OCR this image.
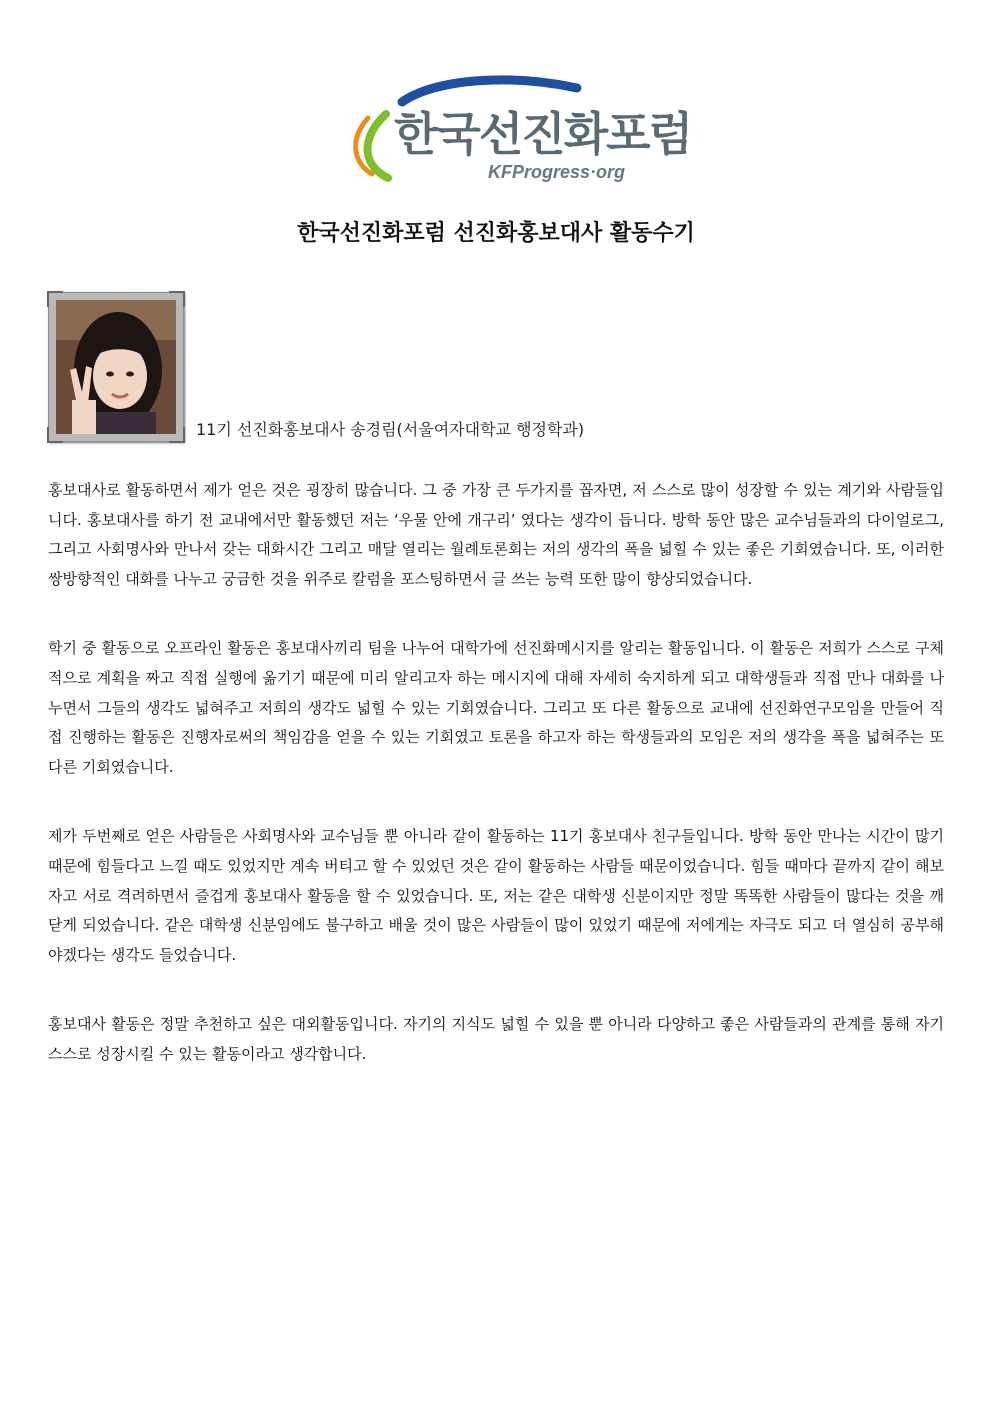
한국선진화포럼
KFProgress·org
한국선진화포럼 선진화홍보대사 활동수기
11기 선진화홍보대사 송경림(서울여자대학교 행정학과)

홍보대사로 활동하면서 제가 얻은 것은 굉장히 많습니다. 그 중 가장 큰 두가지를 꼽자면, 저 스스로 많이 성장할 수 있는 계기와 사람들입니다. 홍보대사를 하기 전 교내에서만 활동했던 저는 ‘우물 안에 개구리’ 였다는 생각이 듭니다. 방학 동안 많은 교수님들과의 다이얼로그, 그리고 사회명사와 만나서 갖는 대화시간 그리고 매달 열리는 월례토론회는 저의 생각의 폭을 넓힐 수 있는 좋은 기회였습니다. 또, 이러한 쌍방향적인 대화를 나누고 궁금한 것을 위주로 칼럼을 포스팅하면서 글 쓰는 능력 또한 많이 향상되었습니다.

학기 중 활동으로 오프라인 활동은 홍보대사끼리 팀을 나누어 대학가에 선진화메시지를 알리는 활동입니다. 이 활동은 저희가 스스로 구체적으로 계획을 짜고 직접 실행에 옮기기 때문에 미리 알리고자 하는 메시지에 대해 자세히 숙지하게 되고 대학생들과 직접 만나 대화를 나누면서 그들의 생각도 넓혀주고 저희의 생각도 넓힐 수 있는 기회였습니다. 그리고 또 다른 활동으로 교내에 선진화연구모임을 만들어 직접 진행하는 활동은 진행자로써의 책임감을 얻을 수 있는 기회였고 토론을 하고자 하는 학생들과의 모임은 저의 생각을 폭을 넓혀주는 또 다른 기회였습니다.

제가 두번째로 얻은 사람들은 사회명사와 교수님들 뿐 아니라 같이 활동하는 11기 홍보대사 친구들입니다. 방학 동안 만나는 시간이 많기 때문에 힘들다고 느낄 때도 있었지만 계속 버티고 할 수 있었던 것은 같이 활동하는 사람들 때문이었습니다. 힘들 때마다 끝까지 같이 해보자고 서로 격려하면서 즐겁게 홍보대사 활동을 할 수 있었습니다. 또, 저는 같은 대학생 신분이지만 정말 똑똑한 사람들이 많다는 것을 깨닫게 되었습니다. 같은 대학생 신분임에도 불구하고 배울 것이 많은 사람들이 많이 있었기 때문에 저에게는 자극도 되고 더 열심히 공부해야겠다는 생각도 들었습니다.

홍보대사 활동은 정말 추천하고 싶은 대외활동입니다. 자기의 지식도 넓힐 수 있을 뿐 아니라 다양하고 좋은 사람들과의 관계를 통해 자기 스스로 성장시킬 수 있는 활동이라고 생각합니다.
